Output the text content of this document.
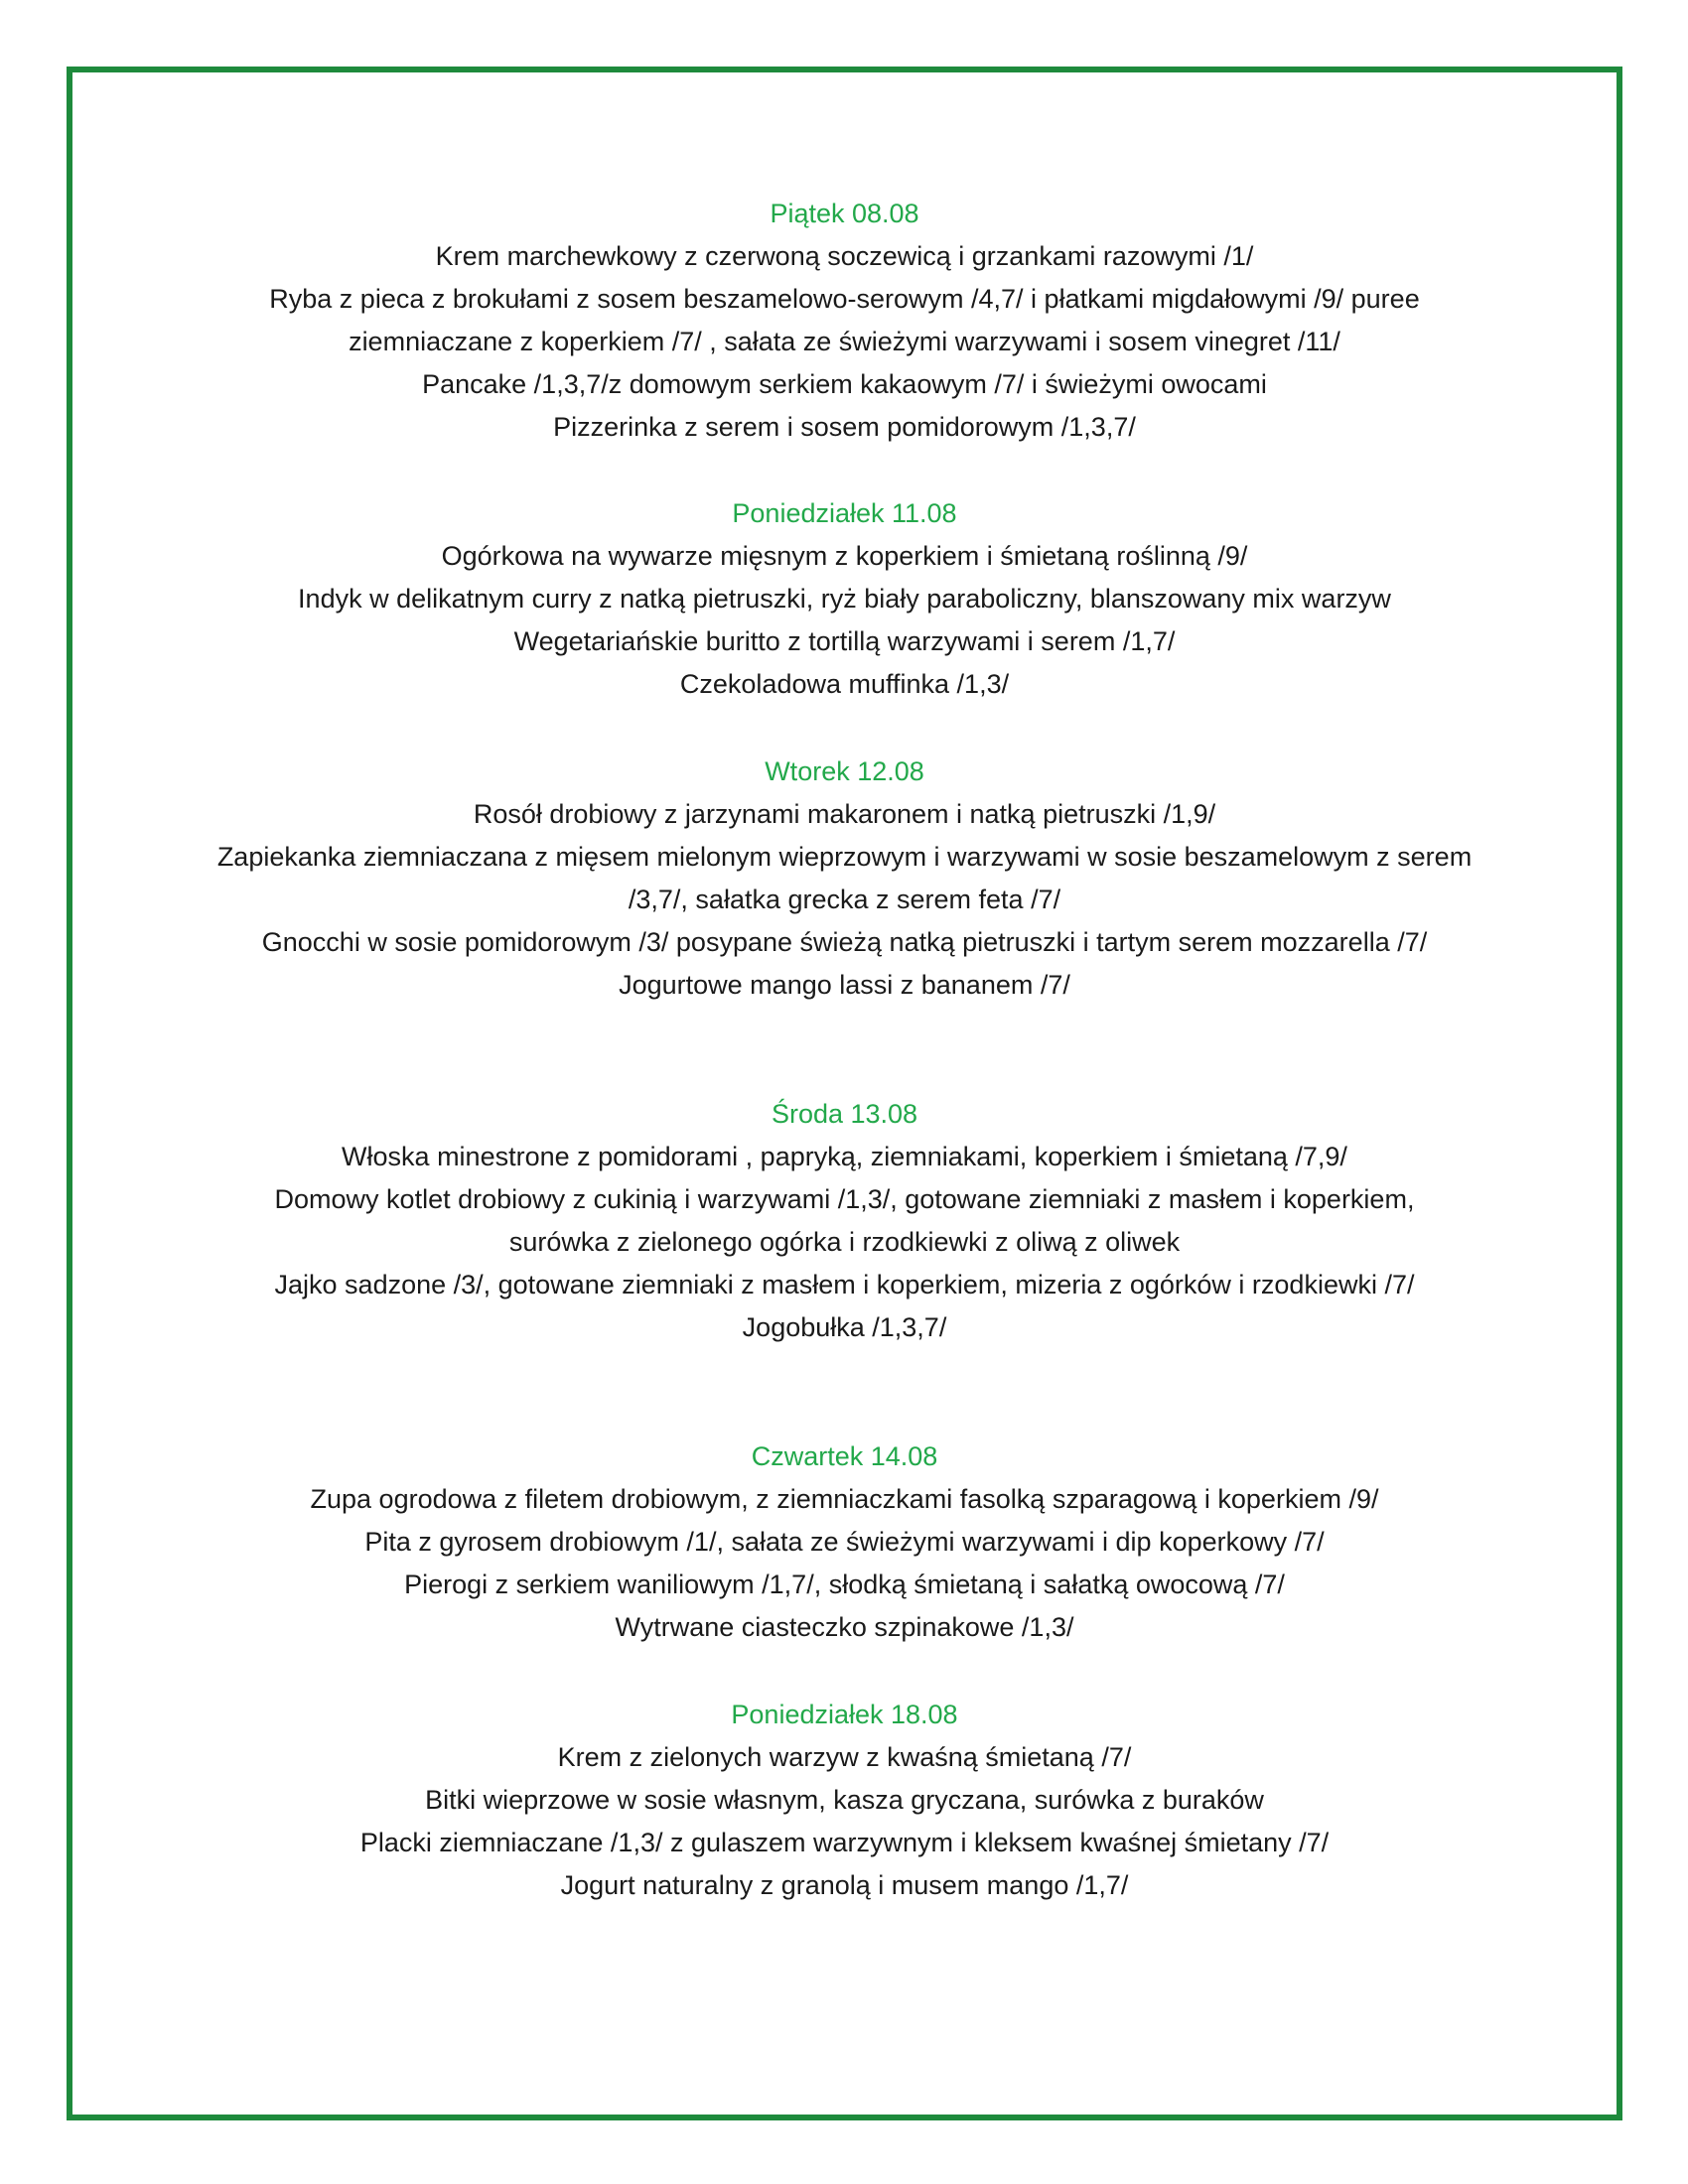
Piątek 08.08
Krem marchewkowy z czerwoną soczewicą i grzankami razowymi /1/
Ryba z pieca z brokułami z sosem beszamelowo-serowym /4,7/ i płatkami migdałowymi /9/ puree
ziemniaczane z koperkiem /7/ , sałata ze świeżymi warzywami i sosem vinegret /11/
Pancake /1,3,7/z domowym serkiem kakaowym /7/ i świeżymi owocami
Pizzerinka z serem i sosem pomidorowym /1,3,7/
Poniedziałek 11.08
Ogórkowa na wywarze mięsnym z koperkiem i śmietaną roślinną /9/
Indyk w delikatnym curry z natką pietruszki, ryż biały paraboliczny, blanszowany mix warzyw
Wegetariańskie buritto z tortillą warzywami i serem /1,7/
Czekoladowa muffinka /1,3/
Wtorek 12.08
Rosół drobiowy z jarzynami makaronem i natką pietruszki /1,9/
Zapiekanka ziemniaczana z mięsem mielonym wieprzowym i warzywami w sosie beszamelowym z serem
/3,7/, sałatka grecka z serem feta /7/
Gnocchi w sosie pomidorowym /3/ posypane świeżą natką pietruszki i tartym serem mozzarella /7/
Jogurtowe mango lassi z bananem /7/
Środa 13.08
Włoska minestrone z pomidorami , papryką, ziemniakami, koperkiem i śmietaną /7,9/
Domowy kotlet drobiowy z cukinią i warzywami /1,3/, gotowane ziemniaki z masłem i koperkiem,
surówka z zielonego ogórka i rzodkiewki z oliwą z oliwek
Jajko sadzone /3/, gotowane ziemniaki z masłem i koperkiem, mizeria z ogórków i rzodkiewki /7/
Jogobułka /1,3,7/
Czwartek 14.08
Zupa ogrodowa z filetem drobiowym, z ziemniaczkami fasolką szparagową i koperkiem /9/
Pita z gyrosem drobiowym /1/, sałata ze świeżymi warzywami i dip koperkowy /7/
Pierogi z serkiem waniliowym /1,7/, słodką śmietaną i sałatką owocową /7/
Wytrwane ciasteczko szpinakowe /1,3/
Poniedziałek 18.08
Krem z zielonych warzyw z kwaśną śmietaną /7/
Bitki wieprzowe w sosie własnym, kasza gryczana, surówka z buraków
Placki ziemniaczane /1,3/ z gulaszem warzywnym i kleksem kwaśnej śmietany /7/
Jogurt naturalny z granolą i musem mango /1,7/
